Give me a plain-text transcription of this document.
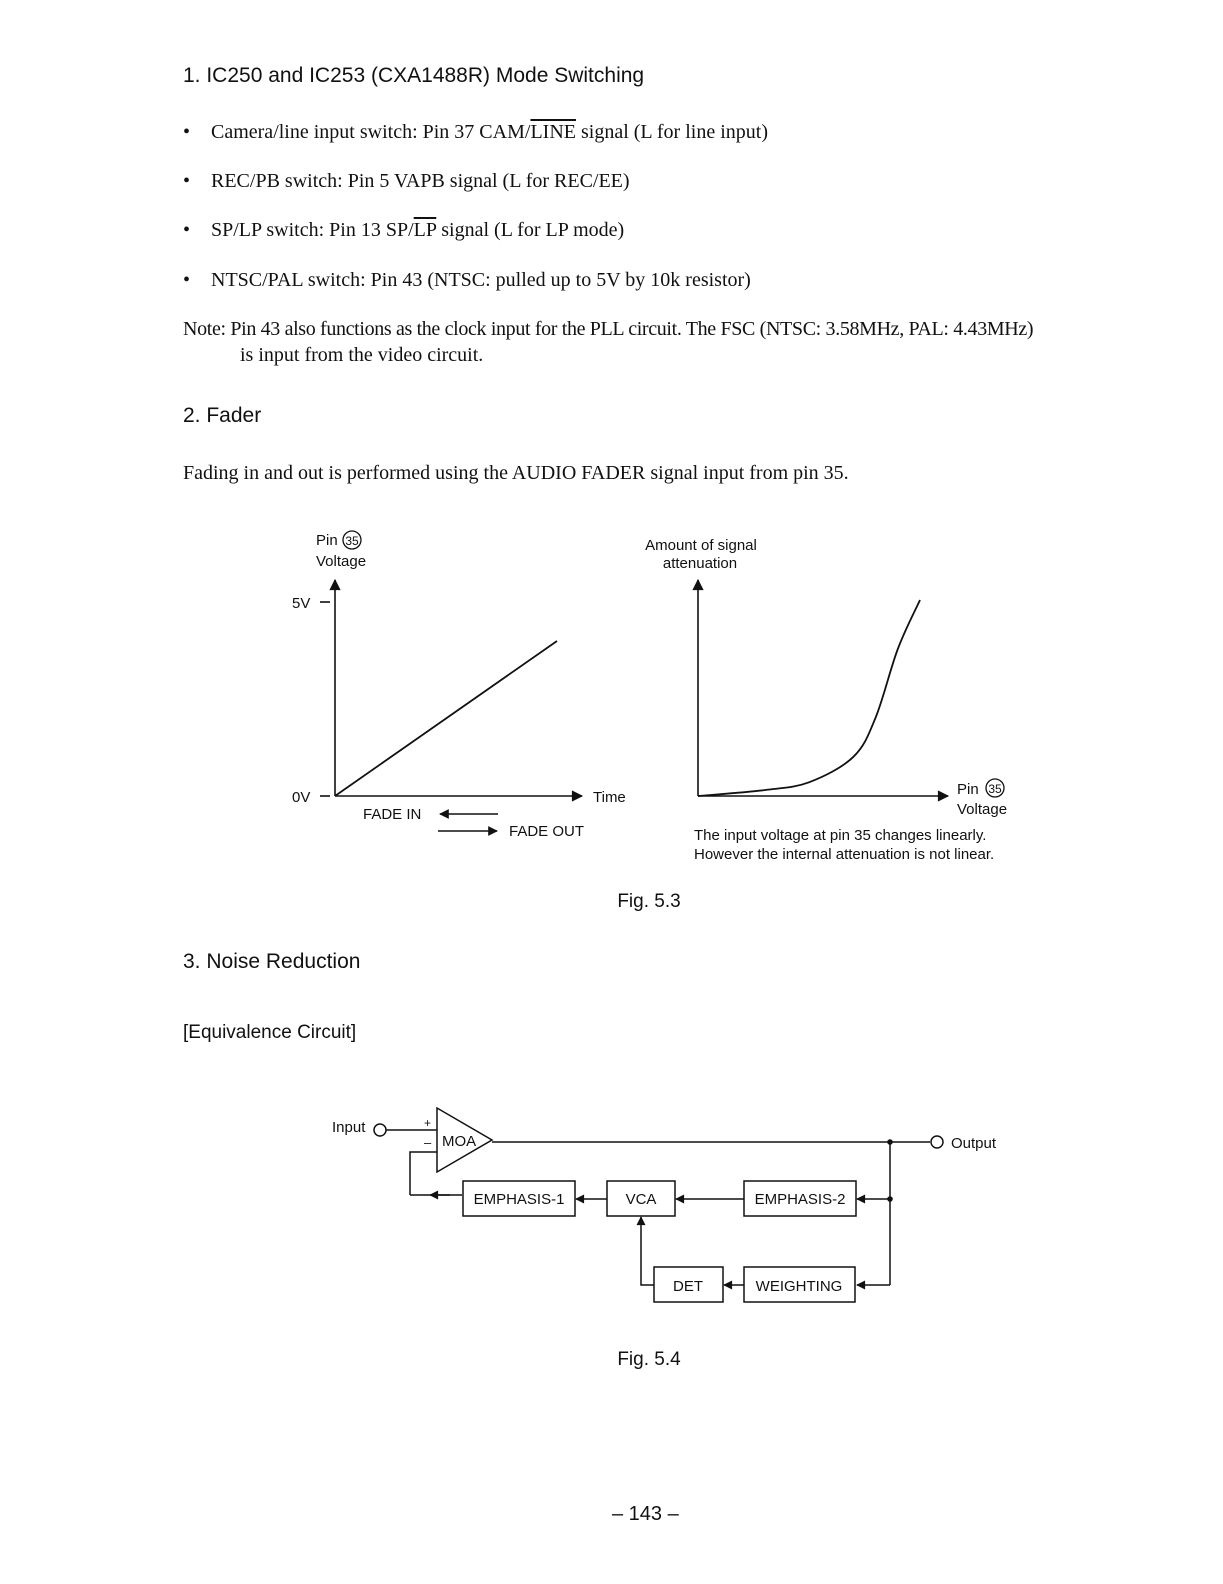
1. IC250 and IC253 (CXA1488R) Mode Switching
• Camera/line input switch: Pin 37 CAM/LINE signal (L for line input)
• REC/PB switch: Pin 5 VAPB signal (L for REC/EE)
• SP/LP switch: Pin 13 $SP/\overline{LP}$ signal (L for LP mode)
• NTSC/PAL switch: Pin 43 (NTSC: pulled up to 5V by 10k resistor)
Note: Pin 43 also functions as the clock input for the PLL circuit. The FSC (NTSC: 3.58MHz, PAL: 4.43MHz)
is input from the video circuit.
2. Fader
Fading in and out is performed using the AUDIO FADER signal input from pin 35.
Pin 35
Voltage
5V
0V	Time
FADE IN
FADE OUT
Amount of signal
attenuation
Pin 35
Voltage
The input voltage at pin 35 changes linearly.
However the internal attenuation is not linear.
Fig. 5.3
3. Noise Reduction
[Equivalence Circuit]
Input	+
– MOA	Output
EMPHASIS-1	VCA	EMPHASIS-2
DET	WEIGHTING
Fig. 5.4
– 143 –
